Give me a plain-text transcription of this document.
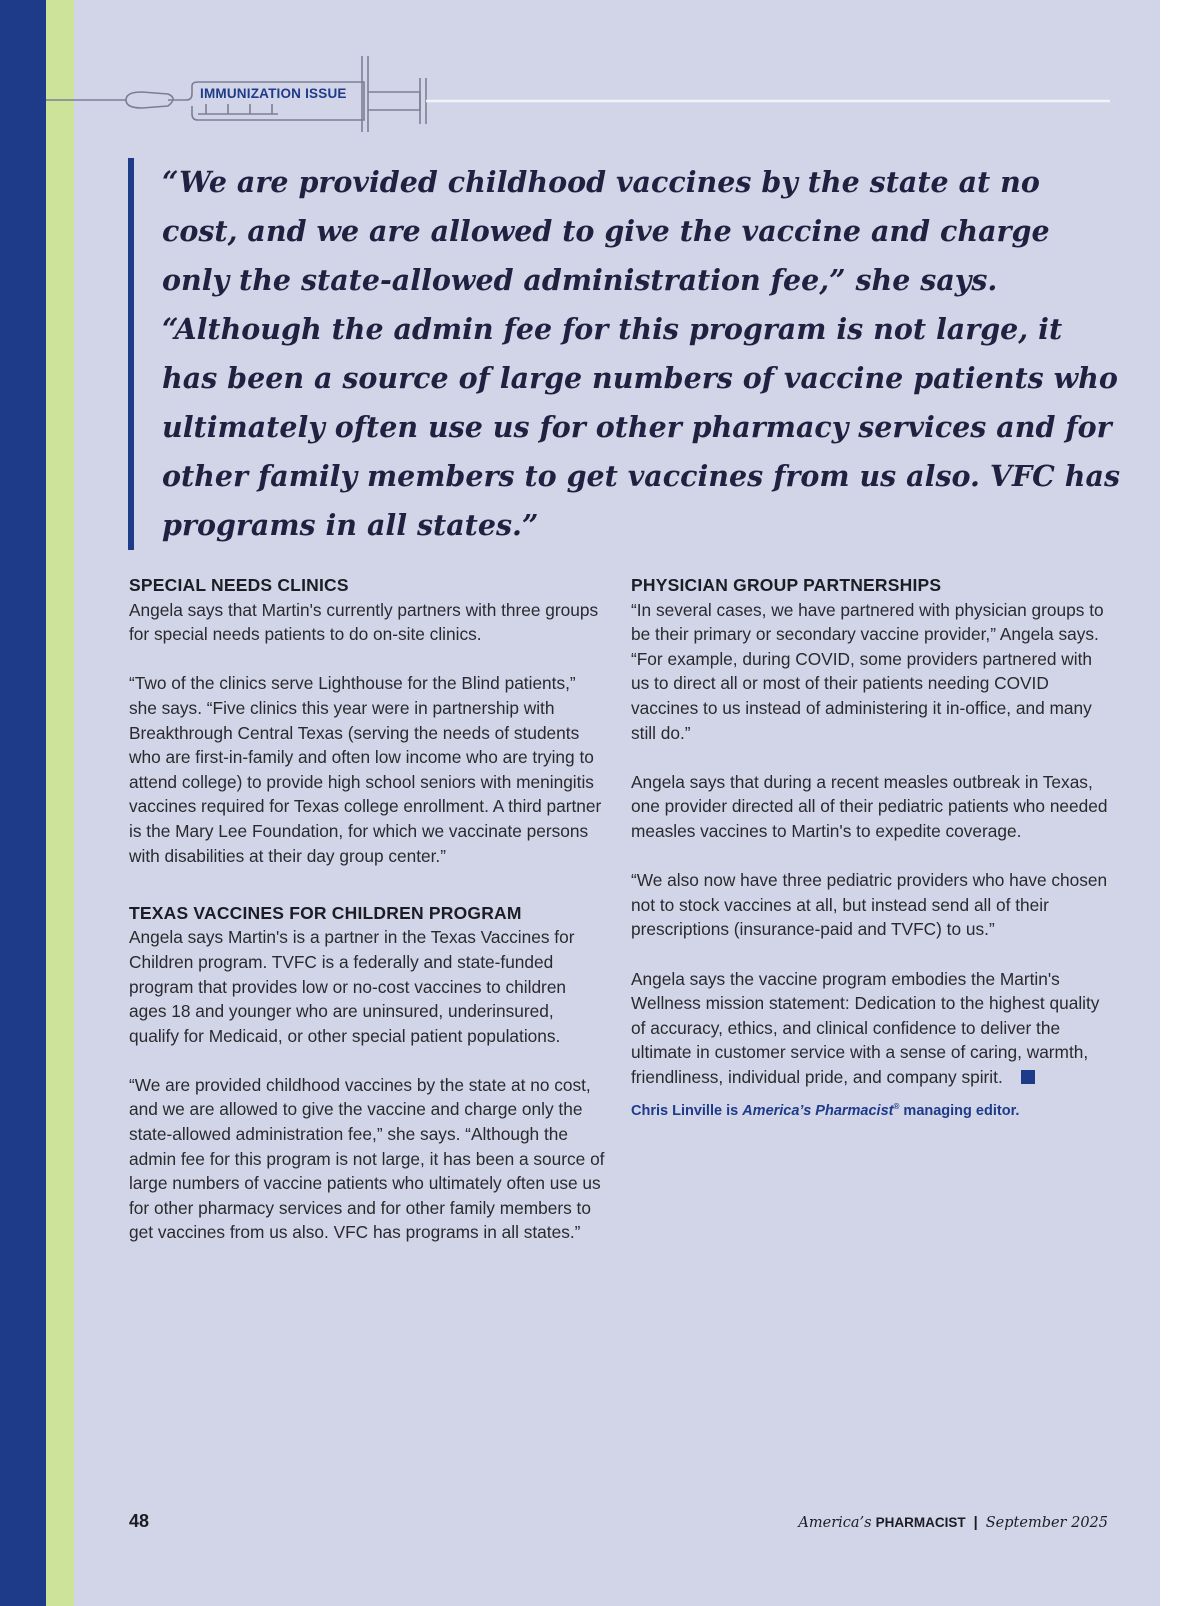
IMMUNIZATION ISSUE
“We are provided childhood vaccines by the state at no cost, and we are allowed to give the vaccine and charge only the state-allowed administration fee,” she says. “Although the admin fee for this program is not large, it has been a source of large numbers of vaccine patients who ultimately often use us for other pharmacy services and for other family members to get vaccines from us also. VFC has programs in all states.”
SPECIAL NEEDS CLINICS

Angela says that Martin's currently partners with three groups for special needs patients to do on-site clinics.

“Two of the clinics serve Lighthouse for the Blind patients,” she says. “Five clinics this year were in partnership with Breakthrough Central Texas (serving the needs of students who are first-in-family and often low income who are trying to attend college) to provide high school seniors with meningitis vaccines required for Texas college enrollment. A third partner is the Mary Lee Foundation, for which we vaccinate persons with disabilities at their day group center.”

TEXAS VACCINES FOR CHILDREN PROGRAM

Angela says Martin's is a partner in the Texas Vaccines for Children program. TVFC is a federally and state-funded program that provides low or no-cost vaccines to children ages 18 and younger who are uninsured, underinsured, qualify for Medicaid, or other special patient populations.

“We are provided childhood vaccines by the state at no cost, and we are allowed to give the vaccine and charge only the state-allowed administration fee,” she says. “Although the admin fee for this program is not large, it has been a source of large numbers of vaccine patients who ultimately often use us for other pharmacy services and for other family members to get vaccines from us also. VFC has programs in all states.”

PHYSICIAN GROUP PARTNERSHIPS

“In several cases, we have partnered with physician groups to be their primary or secondary vaccine provider,” Angela says. “For example, during COVID, some providers partnered with us to direct all or most of their patients needing COVID vaccines to us instead of administering it in-office, and many still do.”

Angela says that during a recent measles outbreak in Texas, one provider directed all of their pediatric patients who needed measles vaccines to Martin's to expedite coverage.

“We also now have three pediatric providers who have chosen not to stock vaccines at all, but instead send all of their prescriptions (insurance-paid and TVFC) to us.”

Angela says the vaccine program embodies the Martin's Wellness mission statement: Dedication to the highest quality of accuracy, ethics, and clinical confidence to deliver the ultimate in customer service with a sense of caring, warmth, friendliness, individual pride, and company spirit.

Chris Linville is America’s Pharmacist® managing editor.
48	America’s PHARMACIST | September 2025
